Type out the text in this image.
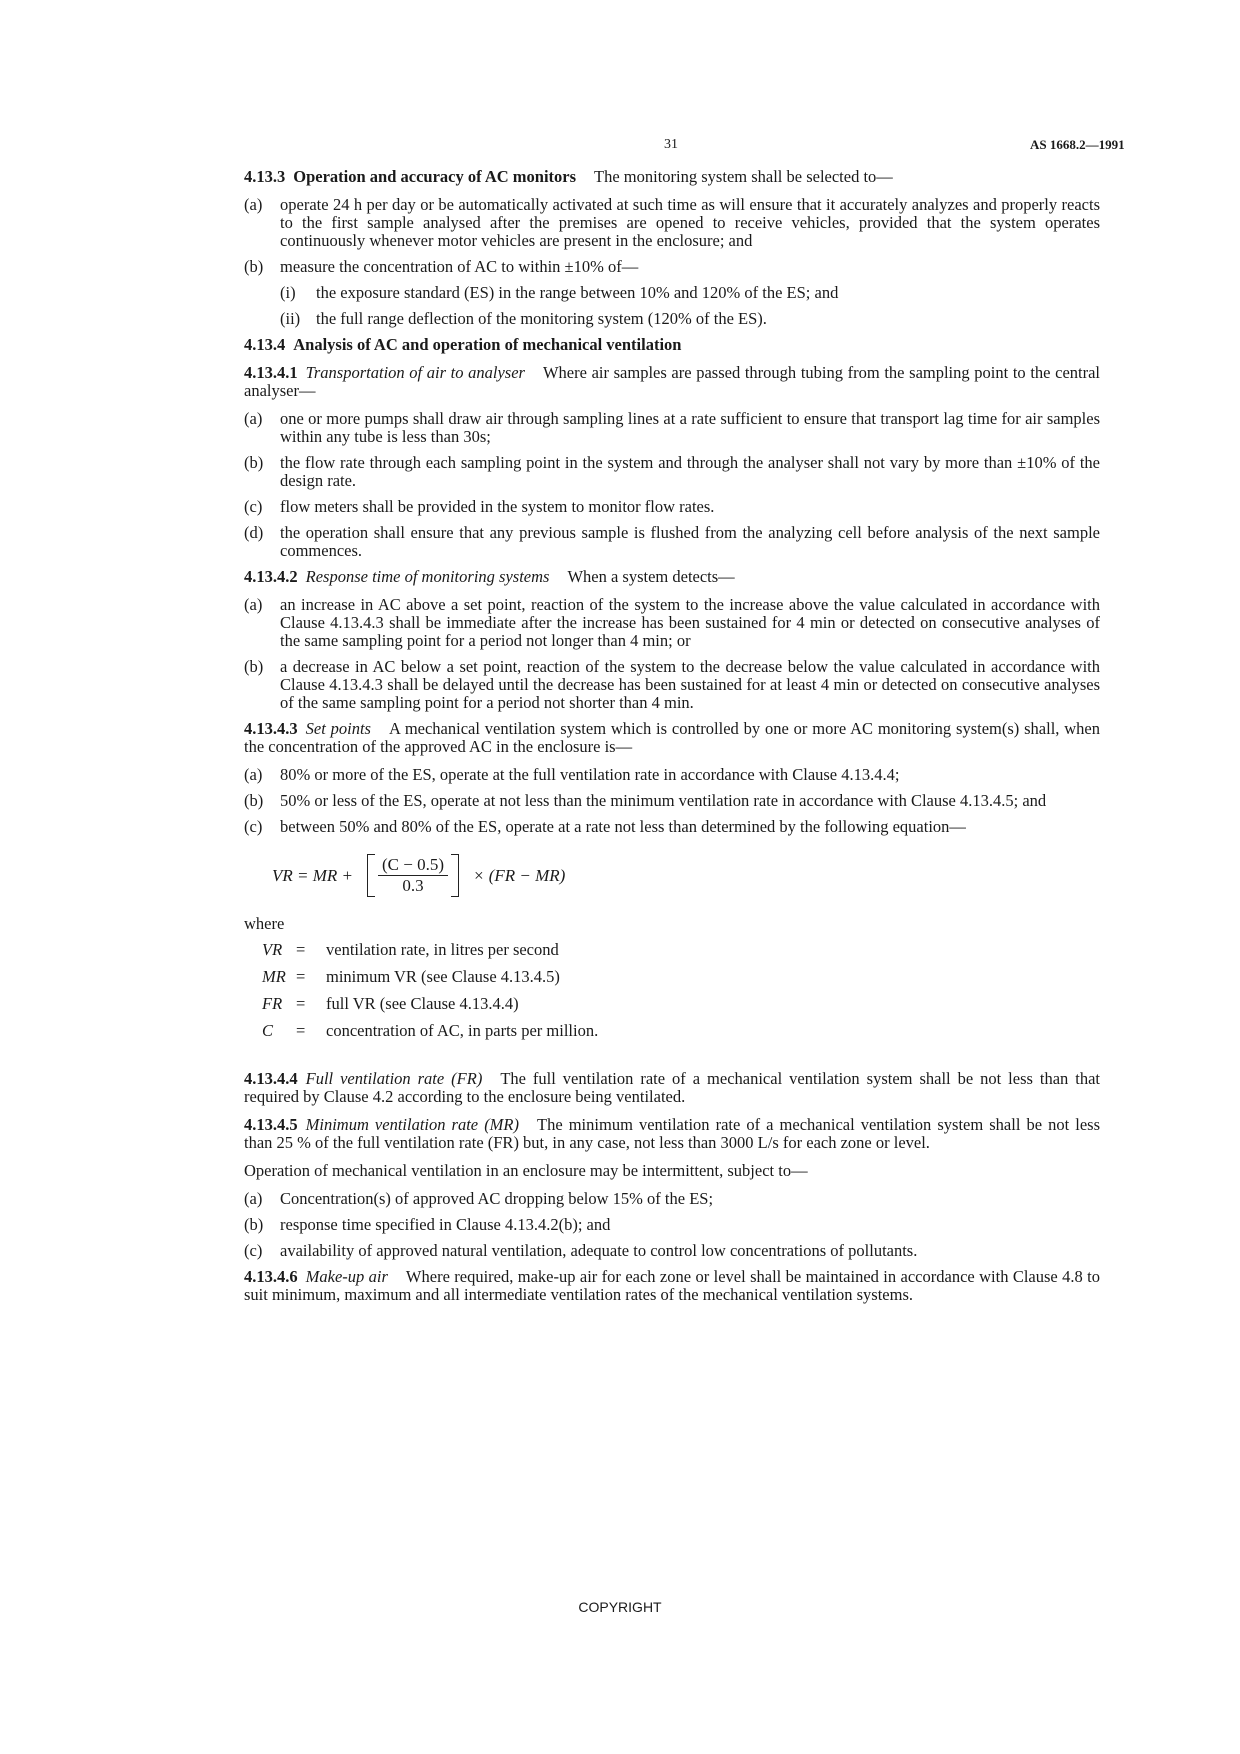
31	AS 1668.2—1991

4.13.3 Operation and accuracy of AC monitors The monitoring system shall be selected to—

(a)	operate 24 h per day or be automatically activated at such time as will ensure that it accurately analyzes and properly reacts to the first sample analysed after the premises are opened to receive vehicles, provided that the system operates continuously whenever motor vehicles are present in the enclosure; and
(b)	measure the concentration of AC to within ±10% of—
(i)	the exposure standard (ES) in the range between 10% and 120% of the ES; and
(ii) the full range deflection of the monitoring system (120% of the ES).

4.13.4 Analysis of AC and operation of mechanical ventilation

4.13.4.1 Transportation of air to analyser Where air samples are passed through tubing from the sampling point to the central analyser—

(a)	one or more pumps shall draw air through sampling lines at a rate sufficient to ensure that transport lag time for air samples within any tube is less than 30s;
(b)	the flow rate through each sampling point in the system and through the analyser shall not vary by more than ±10% of the design rate.
(c)	flow meters shall be provided in the system to monitor flow rates.
(d)	the operation shall ensure that any previous sample is flushed from the analyzing cell before analysis of the next sample commences.

4.13.4.2 Response time of monitoring systems When a system detects—

(a)	an increase in AC above a set point, reaction of the system to the increase above the value calculated in accordance with Clause 4.13.4.3 shall be immediate after the increase has been sustained for 4 min or detected on consecutive analyses of the same sampling point for a period not longer than 4 min; or
(b)	a decrease in AC below a set point, reaction of the system to the decrease below the value calculated in accordance with Clause 4.13.4.3 shall be delayed until the decrease has been sustained for at least 4 min or detected on consecutive analyses of the same sampling point for a period not shorter than 4 min.

4.13.4.3 Set points A mechanical ventilation system which is controlled by one or more AC monitoring system(s) shall, when the concentration of the approved AC in the enclosure is—

(a)	80% or more of the ES, operate at the full ventilation rate in accordance with Clause 4.13.4.4;
(b)	50% or less of the ES, operate at not less than the minimum ventilation rate in accordance with Clause 4.13.4.5; and
(c)	between 50% and 80% of the ES, operate at a rate not less than determined by the following equation—
VR = MR + $\frac{(C - 0.5)}{0.3} \times (FR - MR)$

where

VR =	ventilation rate, in litres per second
MR =	minimum VR (see Clause 4.13.4.5)
FR =	full VR (see Clause 4.13.4.4)
C	=	concentration of AC, in parts per million.

4.13.4.4 Full ventilation rate (FR) The full ventilation rate of a mechanical ventilation system shall be not less than that required by Clause 4.2 according to the enclosure being ventilated.

4.13.4.5 Minimum ventilation rate (MR) The minimum ventilation rate of a mechanical ventilation system shall be not less than 25 % of the full ventilation rate (FR) but, in any case, not less than 3000 L/s for each zone or level.

Operation of mechanical ventilation in an enclosure may be intermittent, subject to—

(a)	Concentration(s) of approved AC dropping below 15% of the ES;
(b)	response time specified in Clause 4.13.4.2(b); and
(c)	availability of approved natural ventilation, adequate to control low concentrations of pollutants.

4.13.4.6 Make-up air Where required, make-up air for each zone or level shall be maintained in accordance with Clause 4.8 to suit minimum, maximum and all intermediate ventilation rates of the mechanical ventilation systems.

COPYRIGHT
